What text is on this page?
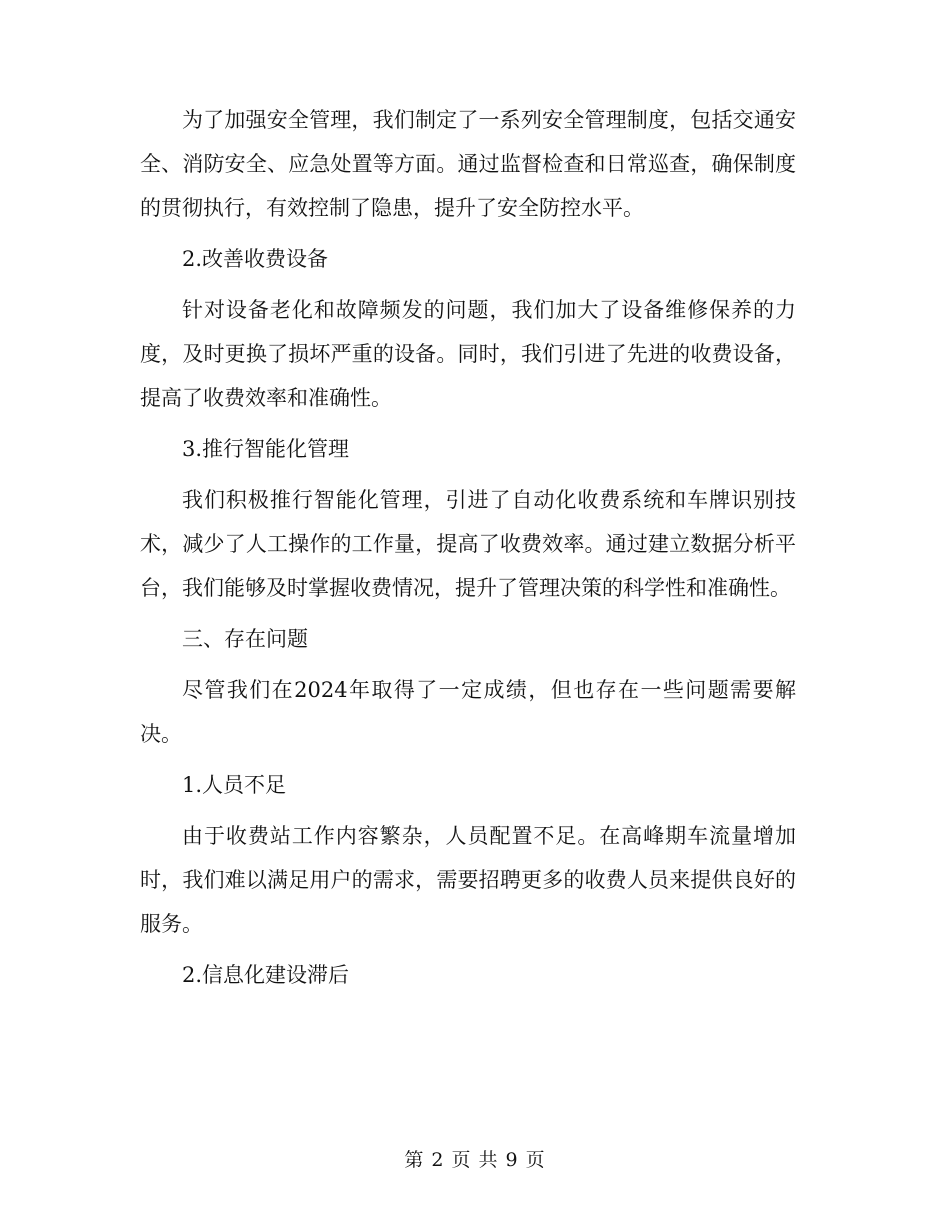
为了加强安全管理，我们制定了一系列安全管理制度，包括交通安全、消防安全、应急处置等方面。通过监督检查和日常巡查，确保制度的贯彻执行，有效控制了隐患，提升了安全防控水平。

2.改善收费设备

针对设备老化和故障频发的问题，我们加大了设备维修保养的力度，及时更换了损坏严重的设备。同时，我们引进了先进的收费设备，提高了收费效率和准确性。

3.推行智能化管理

我们积极推行智能化管理，引进了自动化收费系统和车牌识别技术，减少了人工操作的工作量，提高了收费效率。通过建立数据分析平台，我们能够及时掌握收费情况，提升了管理决策的科学性和准确性。

三、存在问题

尽管我们在2024年取得了一定成绩，但也存在一些问题需要解决。

1.人员不足

由于收费站工作内容繁杂，人员配置不足。在高峰期车流量增加时，我们难以满足用户的需求，需要招聘更多的收费人员来提供良好的服务。

2.信息化建设滞后

第 2 页 共 9 页
